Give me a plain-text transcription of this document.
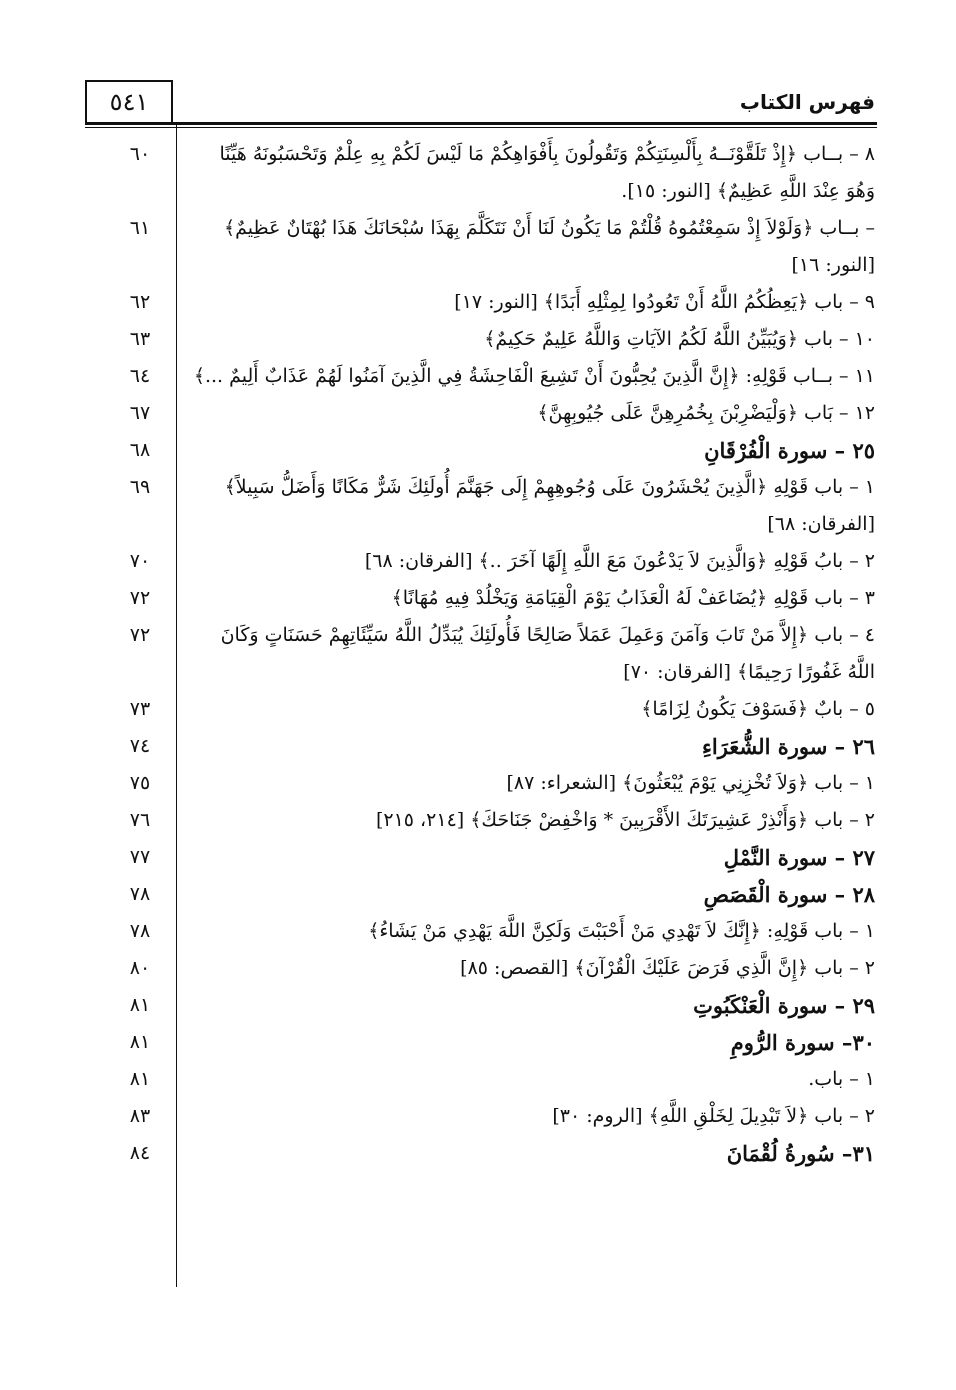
٥٤١	فهرس الكتاب
٨ – بــاب ﴿إِذْ تَلَقَّوْنَــهُ بِأَلْسِنَتِكُمْ وَتَقُولُونَ بِأَفْوَاهِكُمْ مَا لَيْسَ لَكُمْ بِهِ عِلْمٌ وَتَحْسَبُونَهُ هَيِّنًا وَهُوَ عِنْدَ اللَّهِ عَظِيمٌ﴾ [النور: ١٥].
٦٠
– بــاب ﴿وَلَوْلاَ إِذْ سَمِعْتُمُوهُ قُلْتُمْ مَا يَكُونُ لَنَا أَنْ نَتَكَلَّمَ بِهَذَا سُبْحَانَكَ هَذَا بُهْتَانٌ عَظِيمٌ﴾ [النور: ١٦]
٦١
٩ – باب ﴿يَعِظُكُمُ اللَّهُ أَنْ تَعُودُوا لِمِثْلِهِ أَبَدًا﴾ [النور: ١٧]
٦٢
١٠ – باب ﴿وَيُبَيِّنُ اللَّهُ لَكُمُ الآيَاتِ وَاللَّهُ عَلِيمٌ حَكِيمٌ﴾
٦٣
١١ – بــاب قَوْلِهِ: ﴿إِنَّ الَّذِينَ يُحِبُّونَ أَنْ تَشِيعَ الْفَاحِشَةُ فِي الَّذِينَ آمَنُوا لَهُمْ عَذَابٌ أَلِيمٌ ...﴾
٦٤
١٢ – بَاب ﴿وَلْيَضْرِبْنَ بِخُمُرِهِنَّ عَلَى جُيُوبِهِنَّ﴾
٦٧
٢٥ – سورة الْفُرْقَانِ
٦٨
١ – باب قَوْلِهِ ﴿الَّذِينَ يُحْشَرُونَ عَلَى وُجُوهِهِمْ إِلَى جَهَنَّمَ أُولَئِكَ شَرٌّ مَكَانًا وَأَضَلُّ سَبِيلاً﴾ [الفرقان: ٦٨]
٦٩
٢ – بابُ قَوْلِهِ ﴿وَالَّذِينَ لاَ يَدْعُونَ مَعَ اللَّهِ إِلَهًا آخَرَ ..﴾ [الفرقان: ٦٨]
٧٠
٣ – باب قَوْلِهِ ﴿يُضَاعَفْ لَهُ الْعَذَابُ يَوْمَ الْقِيَامَةِ وَيَخْلُدْ فِيهِ مُهَانًا﴾
٧٢
٤ – باب ﴿إِلاَّ مَنْ تَابَ وَآمَنَ وَعَمِلَ عَمَلاً صَالِحًا فَأُولَئِكَ يُبَدِّلُ اللَّهُ سَيِّئَاتِهِمْ حَسَنَاتٍ وَكَانَ اللَّهُ غَفُورًا رَحِيمًا﴾ [الفرقان: ٧٠]
٧٢
٥ – بابٌ ﴿فَسَوْفَ يَكُونُ لِزَامًا﴾
٧٣
٢٦ – سورة الشُّعَرَاءِ
٧٤
١ – باب ﴿وَلاَ تُخْزِنِي يَوْمَ يُبْعَثُونَ﴾ [الشعراء: ٨٧]
٧٥
٢ – باب ﴿وَأَنْذِرْ عَشِيرَتَكَ الأَقْرَبِينَ * وَاخْفِضْ جَنَاحَكَ﴾ [٢١٤، ٢١٥]
٧٦
٢٧ – سورة النَّمْلِ
٧٧
٢٨ – سورة الْقَصَصِ
٧٨
١ – باب قَوْلِهِ: ﴿إِنَّكَ لاَ تَهْدِي مَنْ أَحْبَبْتَ وَلَكِنَّ اللَّهَ يَهْدِي مَنْ يَشَاءُ﴾
٧٨
٢ – باب ﴿إِنَّ الَّذِي فَرَضَ عَلَيْكَ الْقُرْآنَ﴾ [القصص: ٨٥]
٨٠
٢٩ – سورة الْعَنْكَبُوتِ
٨١
٣٠– سورة الرُّومِ
٨١
١ – باب.
٨١
٢ – باب ﴿لاَ تَبْدِيلَ لِخَلْقِ اللَّهِ﴾ [الروم: ٣٠]
٨٣
٣١– سُورةُ لُقْمَانَ
٨٤
